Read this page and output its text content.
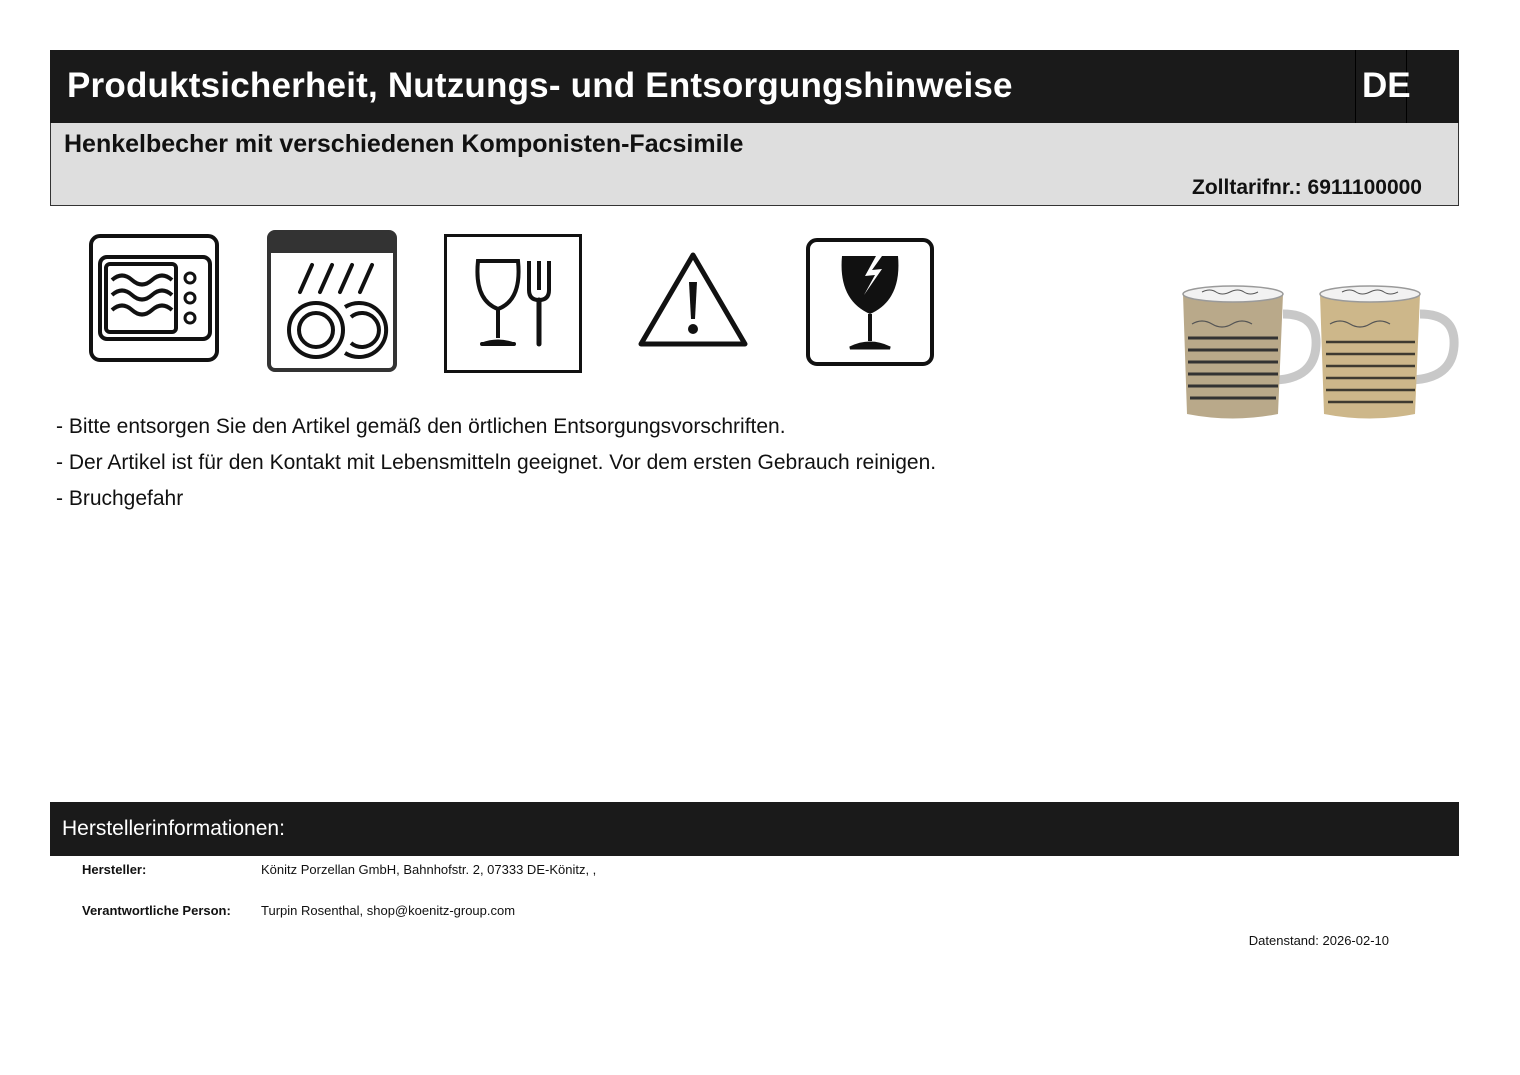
Produktsicherheit, Nutzungs- und Entsorgungshinweise	DE
Henkelbecher mit verschiedenen Komponisten-Facsimile
Zolltarifnr.: 6911100000
- Bitte entsorgen Sie den Artikel gemäß den örtlichen Entsorgungsvorschriften.
- Der Artikel ist für den Kontakt mit Lebensmitteln geeignet. Vor dem ersten Gebrauch reinigen.
- Bruchgefahr
Herstellerinformationen:
Hersteller:	Könitz Porzellan GmbH, Bahnhofstr. 2, 07333 DE-Könitz, ,
Verantwortliche Person: Turpin Rosenthal, shop@koenitz-group.com
Datenstand: 2026-02-10
